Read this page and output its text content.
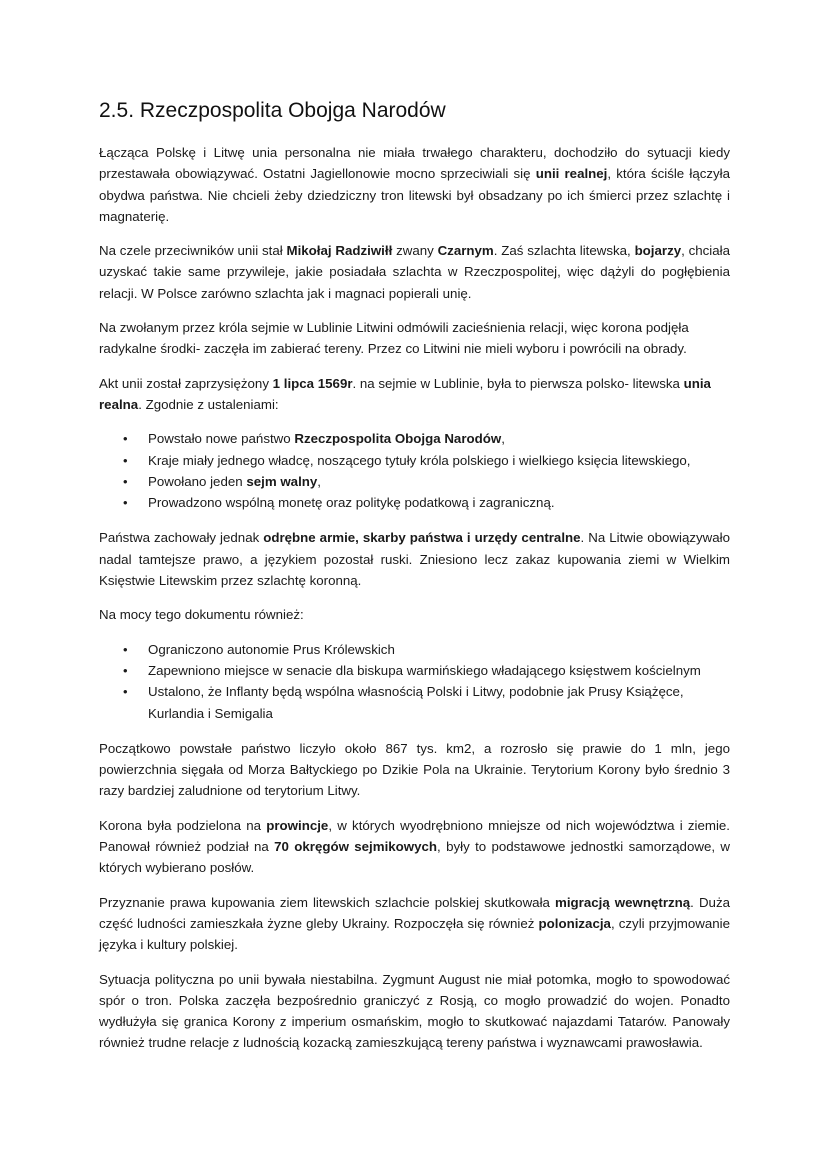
2.5. Rzeczpospolita Obojga Narodów

Łącząca Polskę i Litwę unia personalna nie miała trwałego charakteru, dochodziło do sytuacji kiedy przestawała obowiązywać. Ostatni Jagiellonowie mocno sprzeciwiali się unii realnej, która ściśle łączyła obydwa państwa. Nie chcieli żeby dziedziczny tron litewski był obsadzany po ich śmierci przez szlachtę i magnaterię.

Na czele przeciwników unii stał Mikołaj Radziwiłł zwany Czarnym. Zaś szlachta litewska, bojarzy, chciała uzyskać takie same przywileje, jakie posiadała szlachta w Rzeczpospolitej, więc dążyli do pogłębienia relacji. W Polsce zarówno szlachta jak i magnaci popierali unię.

Na zwołanym przez króla sejmie w Lublinie Litwini odmówili zacieśnienia relacji, więc korona podjęła radykalne środki- zaczęła im zabierać tereny. Przez co Litwini nie mieli wyboru i powrócili na obrady.

Akt unii został zaprzysiężony 1 lipca 1569r. na sejmie w Lublinie, była to pierwsza polsko- litewska unia realna. Zgodnie z ustaleniami:

• Powstało nowe państwo Rzeczpospolita Obojga Narodów,
• Kraje miały jednego władcę, noszącego tytuły króla polskiego i wielkiego księcia litewskiego,
• Powołano jeden sejm walny,
• Prowadzono wspólną monetę oraz politykę podatkową i zagraniczną.

Państwa zachowały jednak odrębne armie, skarby państwa i urzędy centralne. Na Litwie obowiązywało nadal tamtejsze prawo, a językiem pozostał ruski. Zniesiono lecz zakaz kupowania ziemi w Wielkim Księstwie Litewskim przez szlachtę koronną.

Na mocy tego dokumentu również:

• Ograniczono autonomie Prus Królewskich
• Zapewniono miejsce w senacie dla biskupa warmińskiego władającego księstwem kościelnym
• Ustalono, że Inflanty będą wspólna własnością Polski i Litwy, podobnie jak Prusy Książęce, Kurlandia i Semigalia

Początkowo powstałe państwo liczyło około 867 tys. km2, a rozrosło się prawie do 1 mln, jego powierzchnia sięgała od Morza Bałtyckiego po Dzikie Pola na Ukrainie. Terytorium Korony było średnio 3 razy bardziej zaludnione od terytorium Litwy.

Korona była podzielona na prowincje, w których wyodrębniono mniejsze od nich województwa i ziemie. Panował również podział na 70 okręgów sejmikowych, były to podstawowe jednostki samorządowe, w których wybierano posłów.

Przyznanie prawa kupowania ziem litewskich szlachcie polskiej skutkowała migracją wewnętrzną. Duża część ludności zamieszkała żyzne gleby Ukrainy. Rozpoczęła się również polonizacja, czyli przyjmowanie języka i kultury polskiej.

Sytuacja polityczna po unii bywała niestabilna. Zygmunt August nie miał potomka, mogło to spowodować spór o tron. Polska zaczęła bezpośrednio graniczyć z Rosją, co mogło prowadzić do wojen. Ponadto wydłużyła się granica Korony z imperium osmańskim, mogło to skutkować najazdami Tatarów. Panowały również trudne relacje z ludnością kozacką zamieszkującą tereny państwa i wyznawcami prawosławia.
